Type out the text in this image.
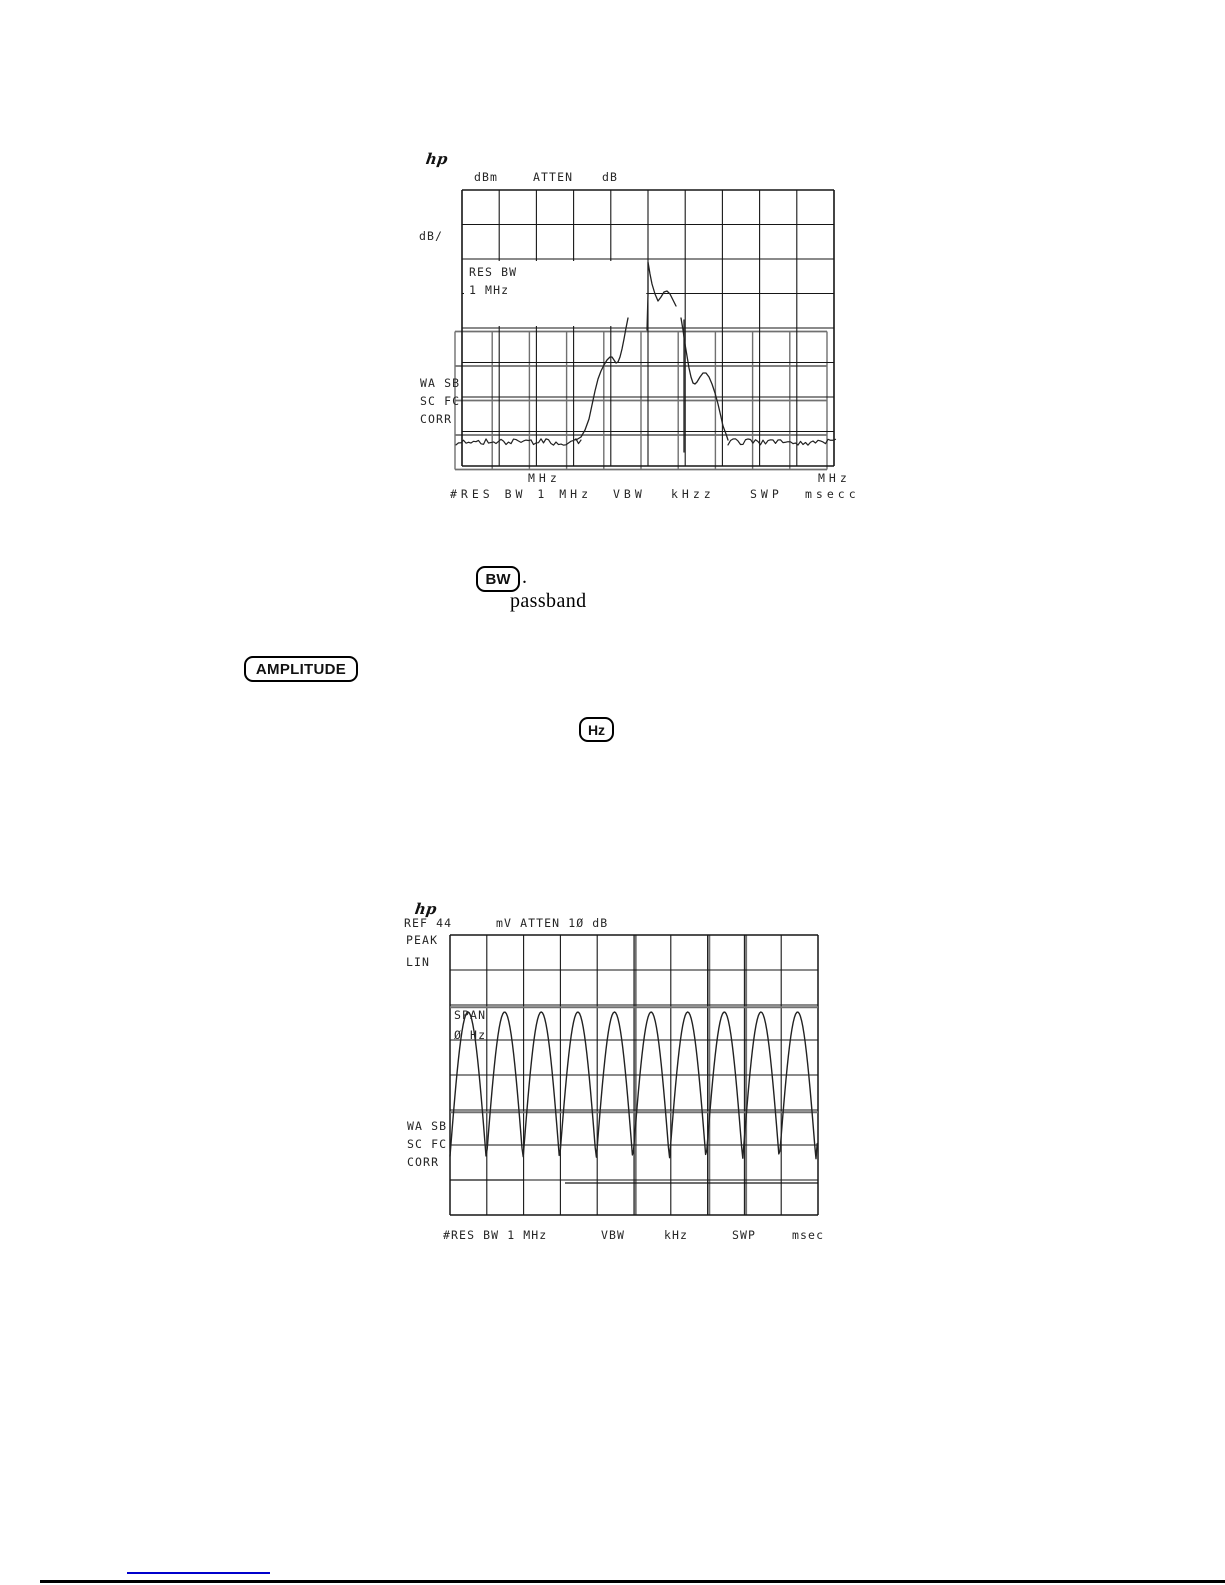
hp
dBm	ATTEN	dB
dB/
RES BW
1 MHz
WA SB
SC FC
CORR
MHz	MHz
#RES BW 1 MHz VBW kHzz	SWP msecc
BW .
passband
AMPLITUDE
Hz
hp
REF 44	mV ATTEN 1Ø dB
PEAK
LIN
SPAN
Ø Hz
WA SB
SC FC
CORR
#RES BW 1 MHz	VBW	kHz	SWP	msec
